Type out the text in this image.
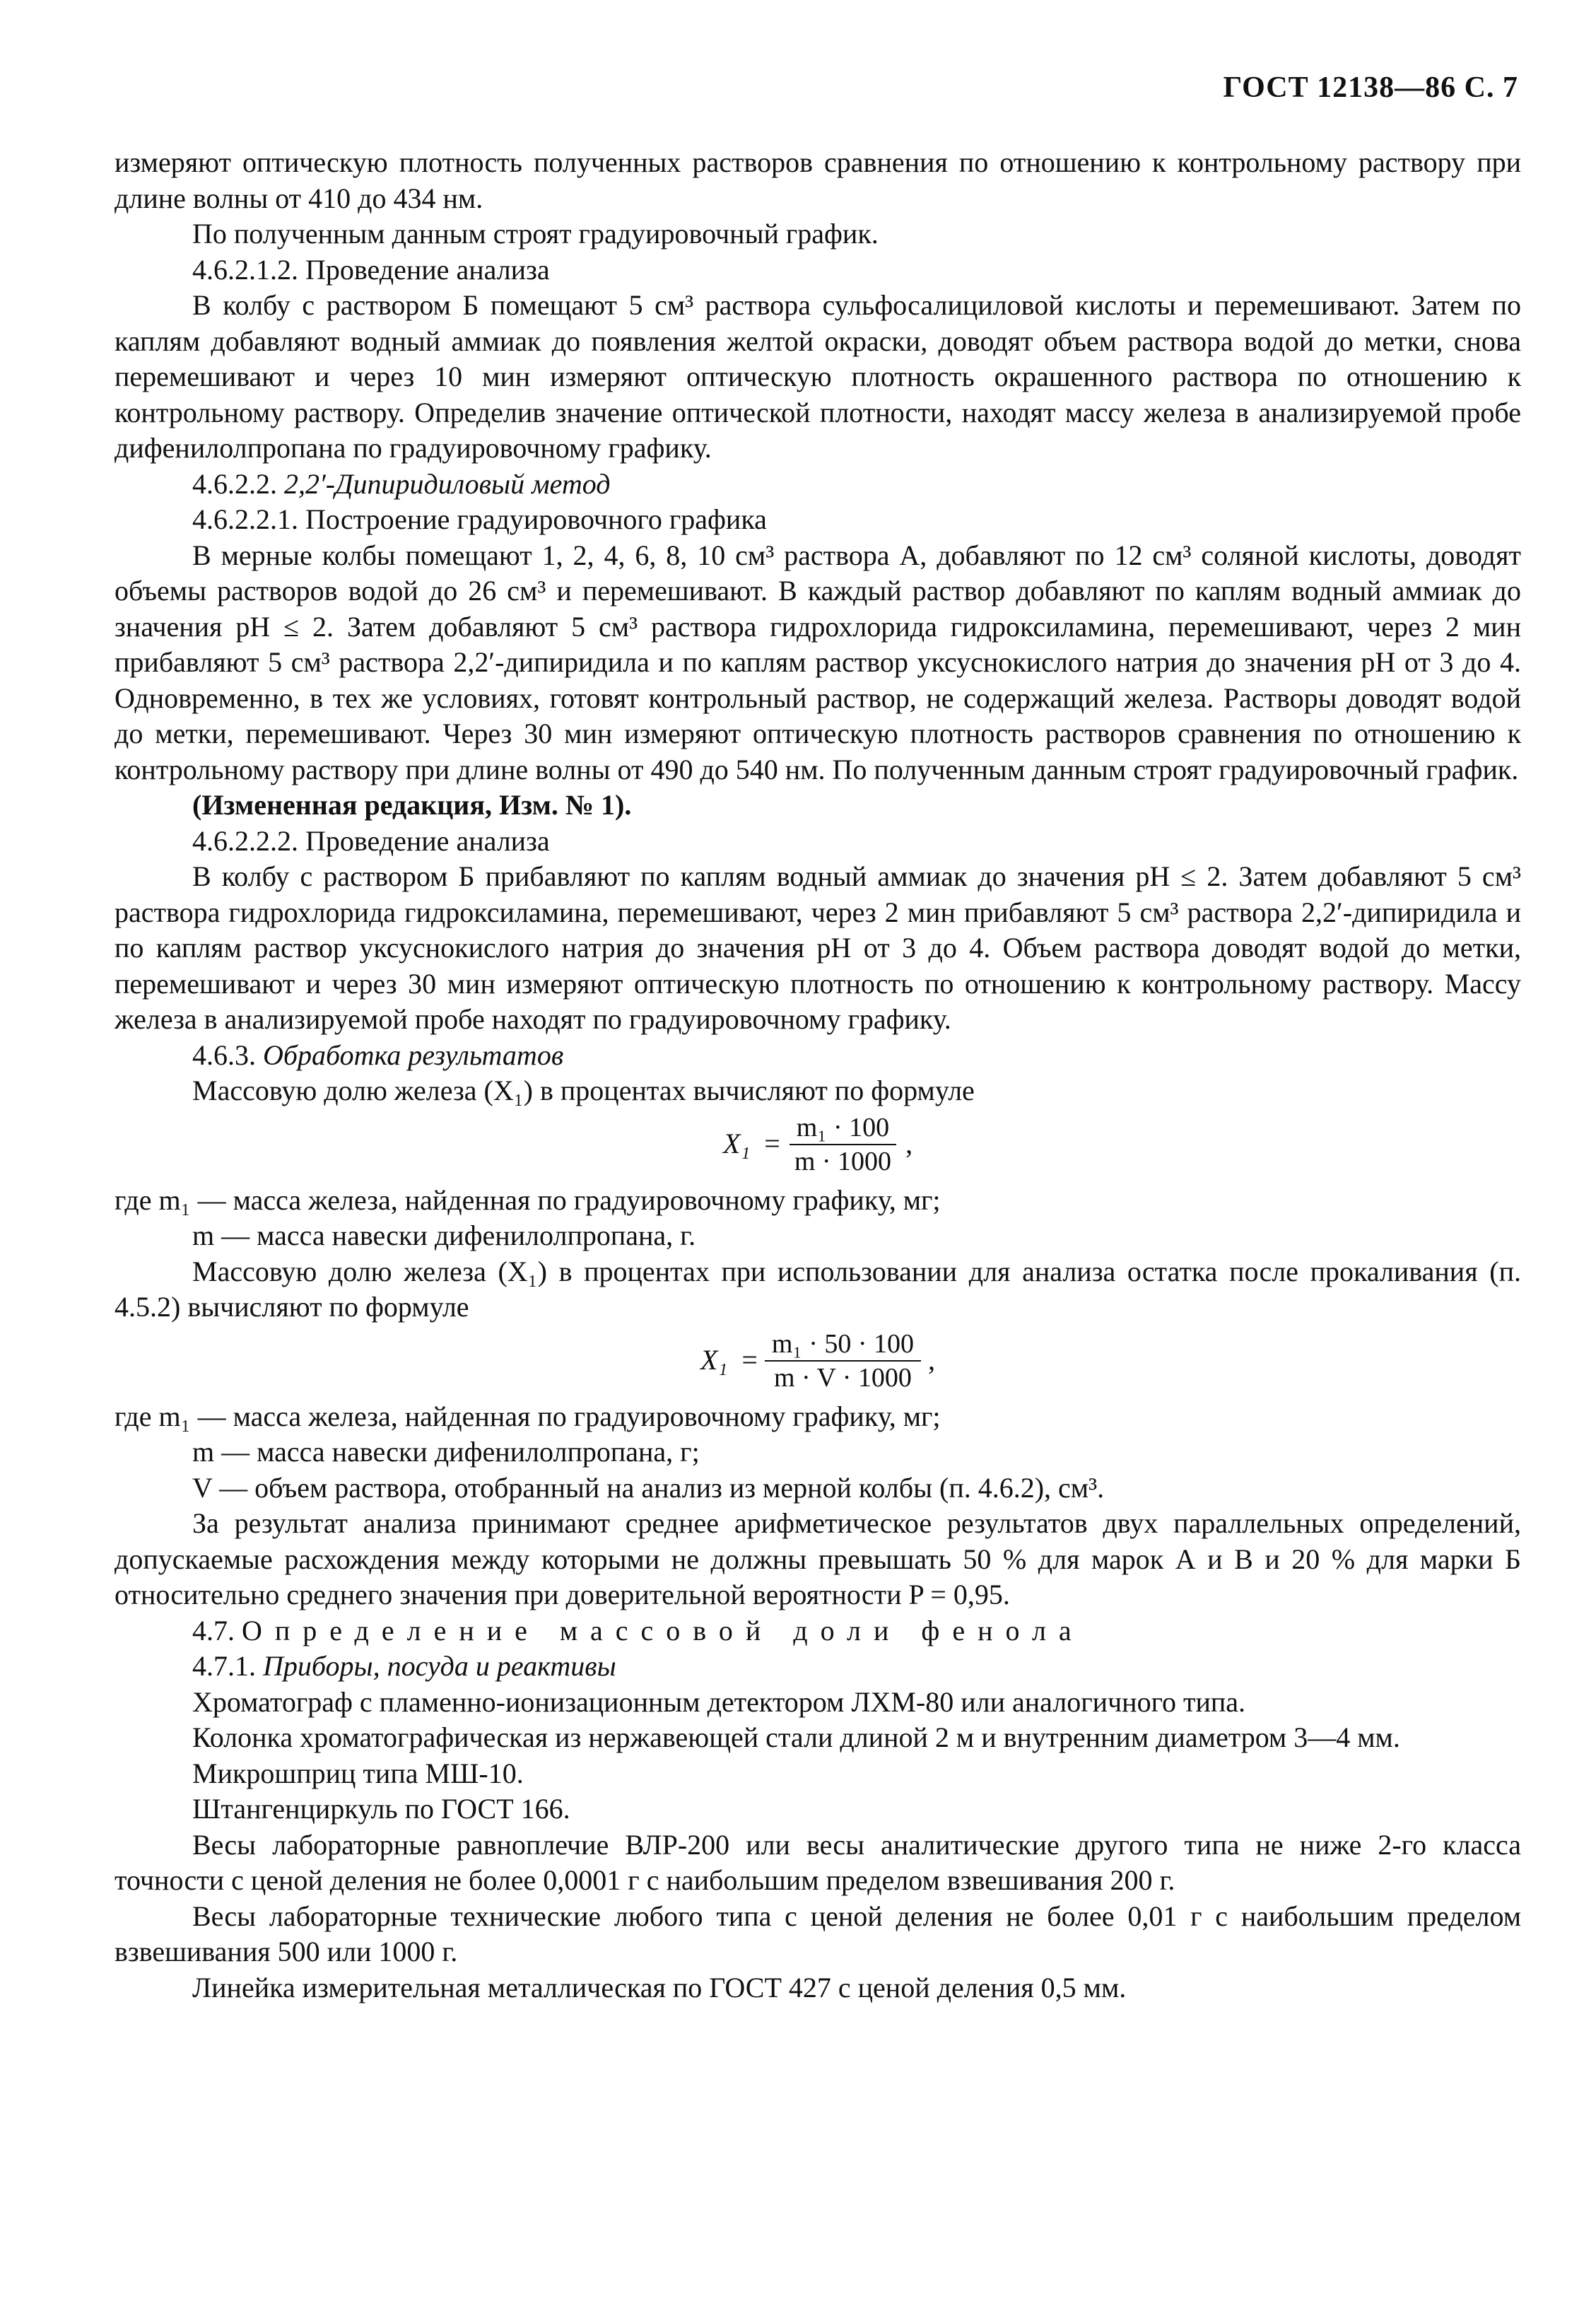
ГОСТ 12138—86 С. 7

измеряют оптическую плотность полученных растворов сравнения по отношению к контрольному раствору при длине волны от 410 до 434 нм.

По полученным данным строят градуировочный график.

4.6.2.1.2. Проведение анализа

В колбу с раствором Б помещают 5 см³ раствора сульфосалициловой кислоты и перемешивают. Затем по каплям добавляют водный аммиак до появления желтой окраски, доводят объем раствора водой до метки, снова перемешивают и через 10 мин измеряют оптическую плотность окрашенного раствора по отношению к контрольному раствору. Определив значение оптической плотности, находят массу железа в анализируемой пробе дифенилолпропана по градуировочному графику.

4.6.2.2. 2,2′-Дипиридиловый метод

4.6.2.2.1. Построение градуировочного графика

В мерные колбы помещают 1, 2, 4, 6, 8, 10 см³ раствора А, добавляют по 12 см³ соляной кислоты, доводят объемы растворов водой до 26 см³ и перемешивают. В каждый раствор добавляют по каплям водный аммиак до значения pH ≤ 2. Затем добавляют 5 см³ раствора гидрохлорида гидроксиламина, перемешивают, через 2 мин прибавляют 5 см³ раствора 2,2′-дипиридила и по каплям раствор уксуснокислого натрия до значения pH от 3 до 4. Одновременно, в тех же условиях, готовят контрольный раствор, не содержащий железа. Растворы доводят водой до метки, перемешивают. Через 30 мин измеряют оптическую плотность растворов сравнения по отношению к контрольному раствору при длине волны от 490 до 540 нм. По полученным данным строят градуировочный график.

(Измененная редакция, Изм. № 1).

4.6.2.2.2. Проведение анализа

В колбу с раствором Б прибавляют по каплям водный аммиак до значения pH ≤ 2. Затем добавляют 5 см³ раствора гидрохлорида гидроксиламина, перемешивают, через 2 мин прибавляют 5 см³ раствора 2,2′-дипиридила и по каплям раствор уксуснокислого натрия до значения pH от 3 до 4. Объем раствора доводят водой до метки, перемешивают и через 30 мин измеряют оптическую плотность по отношению к контрольному раствору. Массу железа в анализируемой пробе находят по градуировочному графику.

4.6.3. Обработка результатов

Массовую долю железа (X₁) в процентах вычисляют по формуле

$X_1 = \frac{\text{m₁ · 100}}{m \cdot 1000}$ ,

где m₁ — масса железа, найденная по градуировочному графику, мг;

m — масса навески дифенилолпропана, г.

Массовую долю железа (X₁) в процентах при использовании для анализа остатка после прокаливания (п. 4.5.2) вычисляют по формуле

$X_1 = \frac{\text{m₁ · 50 · 100}}{m \cdot V \cdot 1000}$ ,

где m₁ — масса железа, найденная по градуировочному графику, мг;

m — масса навески дифенилолпропана, г;

V — объем раствора, отобранный на анализ из мерной колбы (п. 4.6.2), см³.

За результат анализа принимают среднее арифметическое результатов двух параллельных определений, допускаемые расхождения между которыми не должны превышать 50 % для марок А и В и 20 % для марки Б относительно среднего значения при доверительной вероятности P = 0,95.

4.7. Определение массовой доли фенола

4.7.1. Приборы, посуда и реактивы

Хроматограф с пламенно-ионизационным детектором ЛХМ-80 или аналогичного типа.

Колонка хроматографическая из нержавеющей стали длиной 2 м и внутренним диаметром 3—4 мм.

Микрошприц типа МШ-10.

Штангенциркуль по ГОСТ 166.

Весы лабораторные равноплечие ВЛР-200 или весы аналитические другого типа не ниже 2-го класса точности с ценой деления не более 0,0001 г с наибольшим пределом взвешивания 200 г.

Весы лабораторные технические любого типа с ценой деления не более 0,01 г с наибольшим пределом взвешивания 500 или 1000 г.

Линейка измерительная металлическая по ГОСТ 427 с ценой деления 0,5 мм.
